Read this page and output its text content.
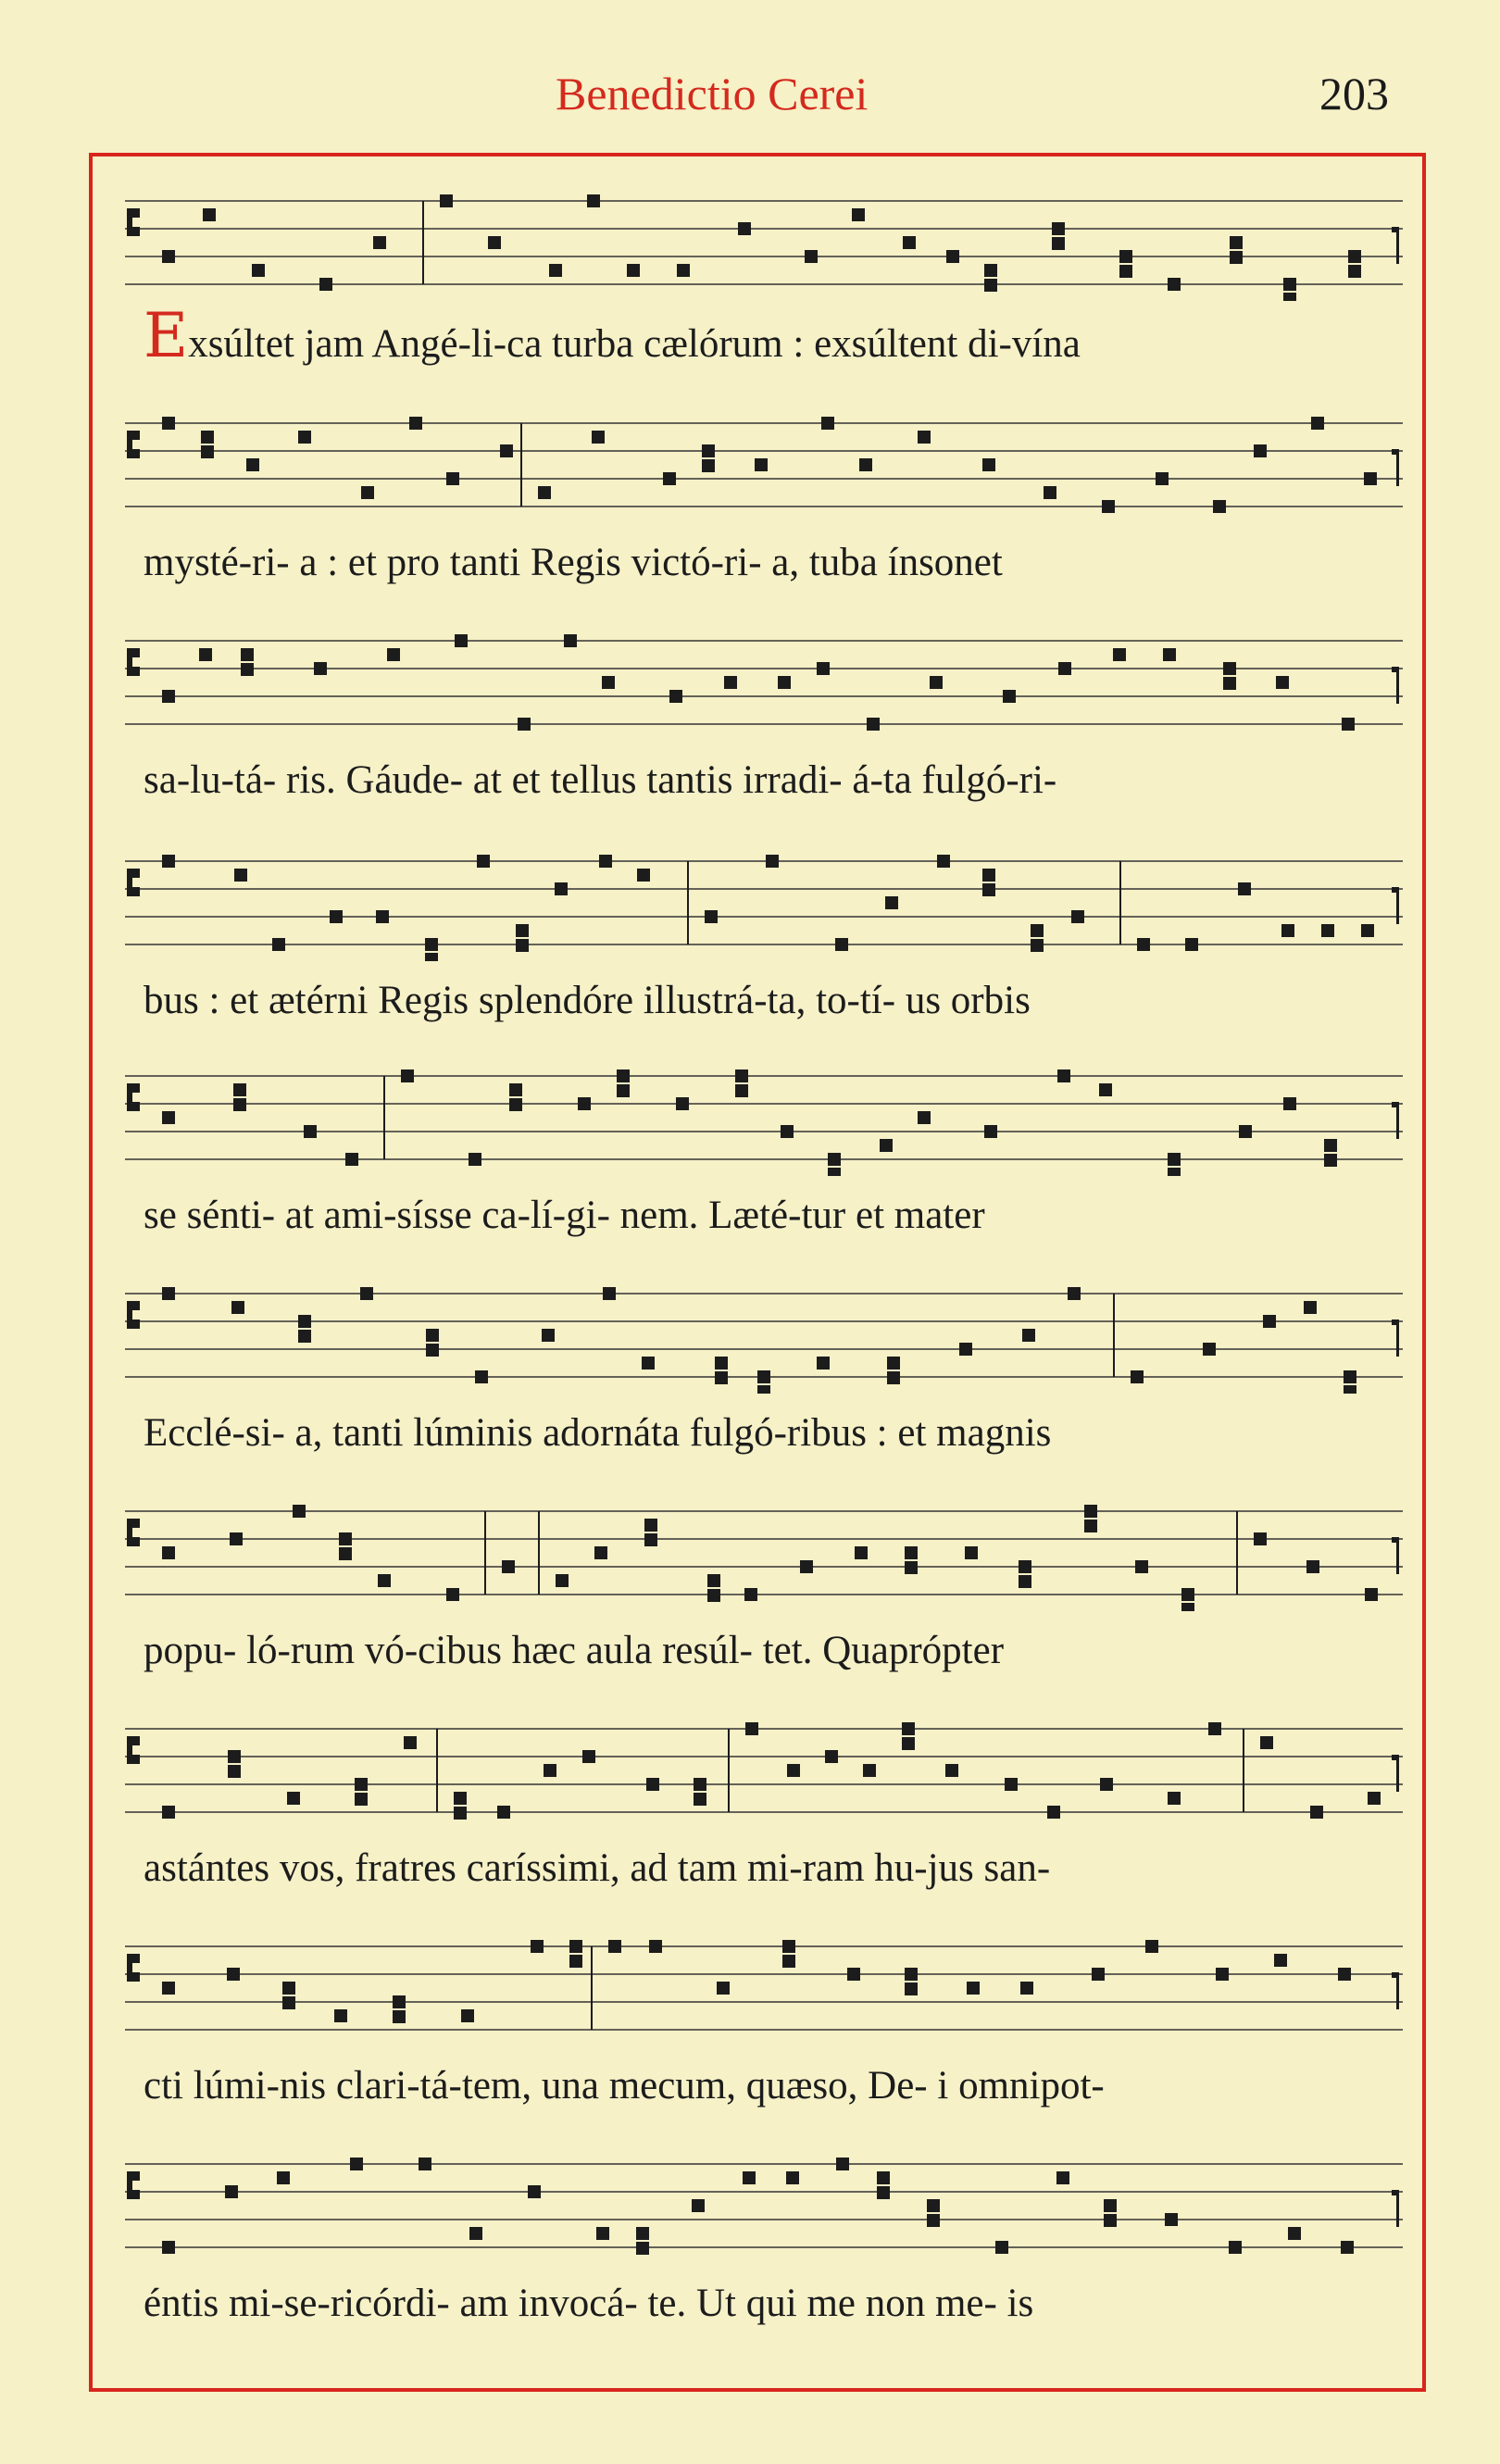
Benedictio Cerei	203
Exsúltet jam Angé-li-ca turba cælórum : exsúltent di-vína
mysté-ri- a : et pro tanti Regis victó-ri- a, tuba ínsonet
sa-lu-tá- ris. Gáude- at et tellus tantis irradi- á-ta fulgó-ri-
bus : et ætérni Regis splendóre illustrá-ta, to-tí- us orbis
se sénti- at ami-sísse ca-lí-gi- nem. Læté-tur et mater
Ecclé-si- a, tanti lúminis adornáta fulgó-ribus : et magnis
popu- ló-rum vó-cibus hæc aula resúl- tet. Quaprópter
astántes vos, fratres caríssimi, ad tam mi-ram hu-jus san-
cti lúmi-nis clari-tá-tem, una mecum, quæso, De- i omnipot-
éntis mi-se-ricórdi- am invocá- te. Ut qui me non me- is
